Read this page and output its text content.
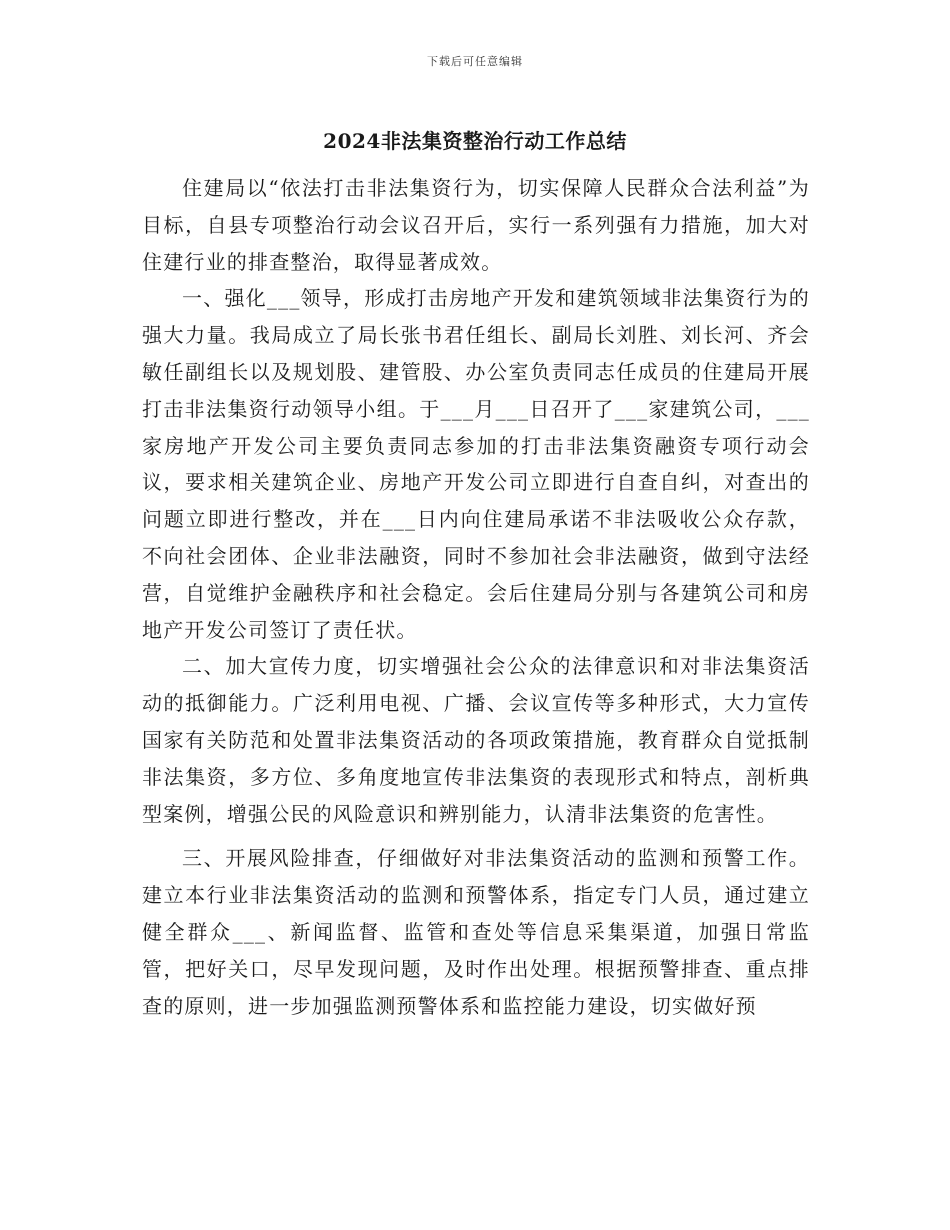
下载后可任意编辑
2024非法集资整治行动工作总结

住建局以“依法打击非法集资行为，切实保障人民群众合法利益”为目标，自县专项整治行动会议召开后，实行一系列强有力措施，加大对住建行业的排查整治，取得显著成效。

一、强化___领导，形成打击房地产开发和建筑领域非法集资行为的强大力量。我局成立了局长张书君任组长、副局长刘胜、刘长河、齐会敏任副组长以及规划股、建管股、办公室负责同志任成员的住建局开展打击非法集资行动领导小组。于___月___日召开了___家建筑公司，___家房地产开发公司主要负责同志参加的打击非法集资融资专项行动会议，要求相关建筑企业、房地产开发公司立即进行自查自纠，对查出的问题立即进行整改，并在___日内向住建局承诺不非法吸收公众存款，不向社会团体、企业非法融资，同时不参加社会非法融资，做到守法经营，自觉维护金融秩序和社会稳定。会后住建局分别与各建筑公司和房地产开发公司签订了责任状。

二、加大宣传力度，切实增强社会公众的法律意识和对非法集资活动的抵御能力。广泛利用电视、广播、会议宣传等多种形式，大力宣传国家有关防范和处置非法集资活动的各项政策措施，教育群众自觉抵制非法集资，多方位、多角度地宣传非法集资的表现形式和特点，剖析典型案例，增强公民的风险意识和辨别能力，认清非法集资的危害性。

三、开展风险排查，仔细做好对非法集资活动的监测和预警工作。建立本行业非法集资活动的监测和预警体系，指定专门人员，通过建立健全群众___、新闻监督、监管和查处等信息采集渠道，加强日常监管，把好关口，尽早发现问题，及时作出处理。根据预警排查、重点排查的原则，进一步加强监测预警体系和监控能力建设，切实做好预
